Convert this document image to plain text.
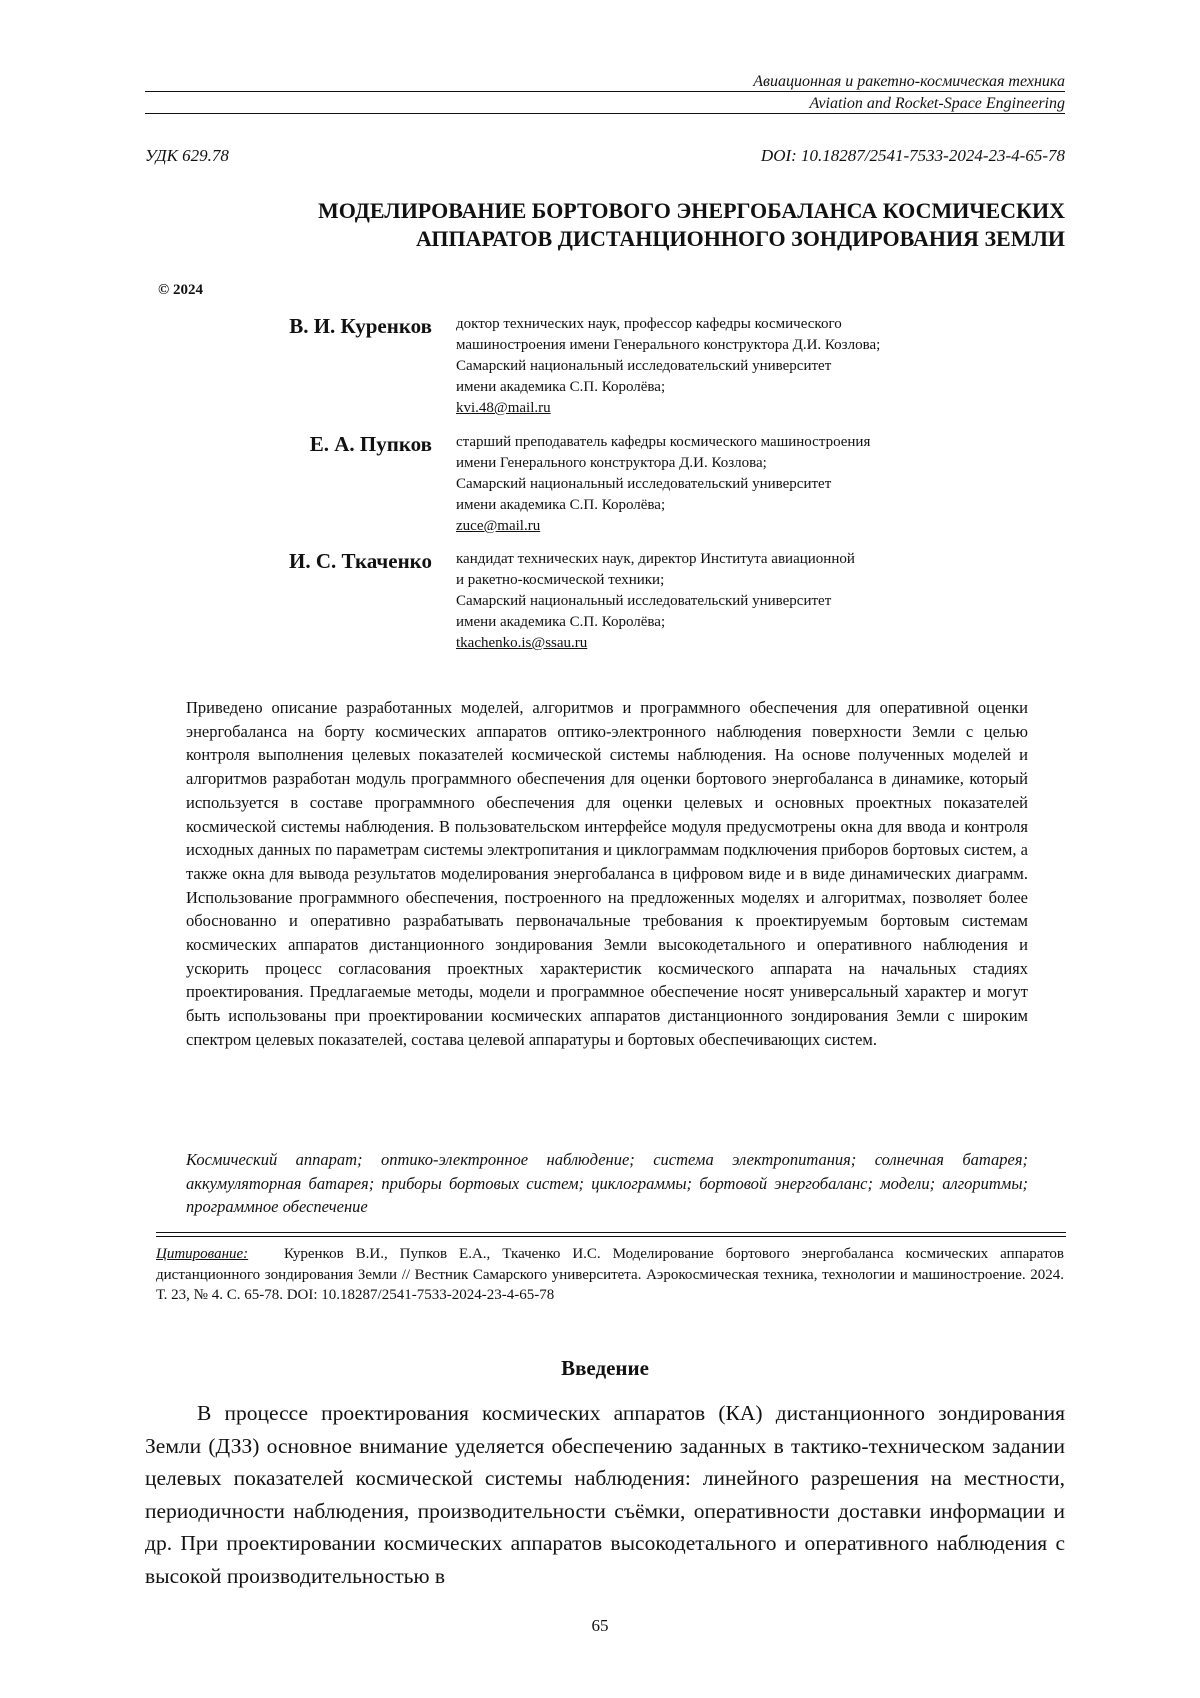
Авиационная и ракетно-космическая техника
Aviation and Rocket-Space Engineering
УДК 629.78	DOI: 10.18287/2541-7533-2024-23-4-65-78
МОДЕЛИРОВАНИЕ БОРТОВОГО ЭНЕРГОБАЛАНСА КОСМИЧЕСКИХ
АППАРАТОВ ДИСТАНЦИОННОГО ЗОНДИРОВАНИЯ ЗЕМЛИ
© 2024
В. И. Куренков доктор технических наук, профессор кафедры космического
машиностроения имени Генерального конструктора Д.И. Козлова;
Самарский национальный исследовательский университет
имени академика С.П. Королёва;
kvi.48@mail.ru
Е. А. Пупков старший преподаватель кафедры космического машиностроения
имени Генерального конструктора Д.И. Козлова;
Самарский национальный исследовательский университет
имени академика С.П. Королёва;
zuce@mail.ru
И. С. Ткаченко кандидат технических наук, директор Института авиационной
и ракетно-космической техники;
Самарский национальный исследовательский университет
имени академика С.П. Королёва;
tkachenko.is@ssau.ru

Приведено описание разработанных моделей, алгоритмов и программного обеспечения для оперативной оценки энергобаланса на борту космических аппаратов оптико-электронного наблюдения поверхности Земли с целью контроля выполнения целевых показателей космической системы наблюдения. На основе полученных моделей и алгоритмов разработан модуль программного обеспечения для оценки бортового энергобаланса в динамике, который используется в составе программного обеспечения для оценки целевых и основных проектных показателей космической системы наблюдения. В пользовательском интерфейсе модуля предусмотрены окна для ввода и контроля исходных данных по параметрам системы электропитания и циклограммам подключения приборов бортовых систем, а также окна для вывода результатов моделирования энергобаланса в цифровом виде и в виде динамических диаграмм. Использование программного обеспечения, построенного на предложенных моделях и алгоритмах, позволяет более обоснованно и оперативно разрабатывать первоначальные требования к проектируемым бортовым системам космических аппаратов дистанционного зондирования Земли высокодетального и оперативного наблюдения и ускорить процесс согласования проектных характеристик космического аппарата на начальных стадиях проектирования. Предлагаемые методы, модели и программное обеспечение носят универсальный характер и могут быть использованы при проектировании космических аппаратов дистанционного зондирования Земли с широким спектром целевых показателей, состава целевой аппаратуры и бортовых обеспечивающих систем.

Космический аппарат; оптико-электронное наблюдение; система электропитания; солнечная батарея; аккумуляторная батарея; приборы бортовых систем; циклограммы; бортовой энергобаланс; модели; алгоритмы; программное обеспечение
Цитирование: Куренков В.И., Пупков Е.А., Ткаченко И.С. Моделирование бортового энергобаланса космических аппаратов дистанционного зондирования Земли // Вестник Самарского университета. Аэрокосмическая техника, технологии и машиностроение. 2024. Т. 23, № 4. С. 65-78. DOI: 10.18287/2541-7533-2024-23-4-65-78
Введение
В процессе проектирования космических аппаратов (КА) дистанционного зондирования Земли (ДЗЗ) основное внимание уделяется обеспечению заданных в тактико-техническом задании целевых показателей космической системы наблюдения: линейного разрешения на местности, периодичности наблюдения, производительности съёмки, оперативности доставки информации и др. При проектировании космических аппаратов высокодетального и оперативного наблюдения с высокой производительностью в
65
